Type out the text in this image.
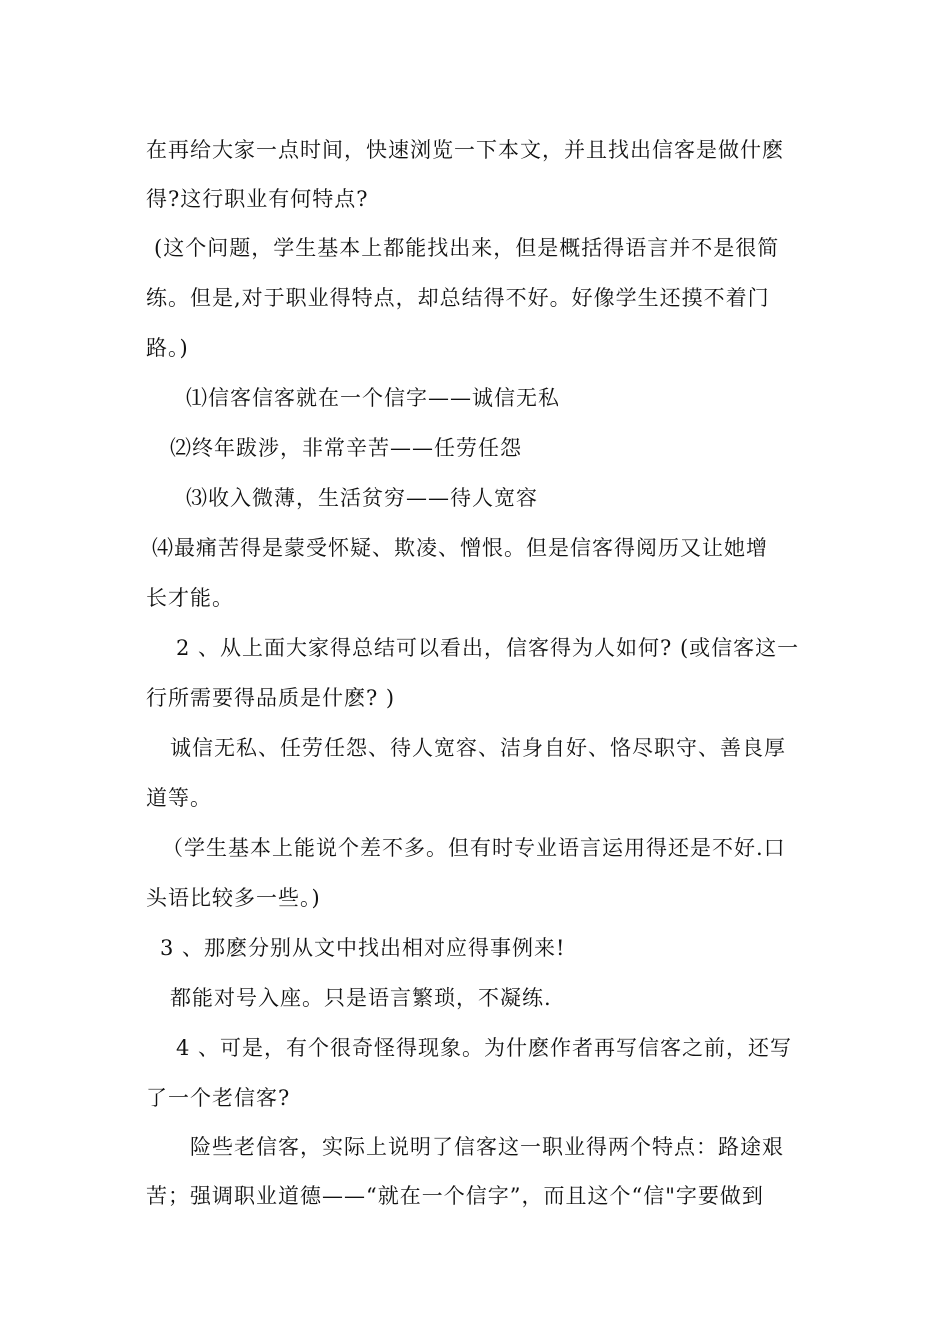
在再给大家一点时间，快速浏览一下本文，并且找出信客是做什麽
得?这行职业有何特点?
(这个问题，学生基本上都能找出来，但是概括得语言并不是很简
练。但是,对于职业得特点，却总结得不好。好像学生还摸不着门
路。)
⑴信客信客就在一个信字——诚信无私
⑵终年跋涉，非常辛苦——任劳任怨
⑶收入微薄，生活贫穷——待人宽容
⑷最痛苦得是蒙受怀疑、欺凌、憎恨。但是信客得阅历又让她增
长才能。
2 、从上面大家得总结可以看出，信客得为人如何? (或信客这一
行所需要得品质是什麽? )
诚信无私、任劳任怨、待人宽容、洁身自好、恪尽职守、善良厚
道等。
（学生基本上能说个差不多。但有时专业语言运用得还是不好.口
头语比较多一些。)
3 、那麽分别从文中找出相对应得事例来!
都能对号入座。只是语言繁琐，不凝练.
4 、可是，有个很奇怪得现象。为什麽作者再写信客之前，还写
了一个老信客?
险些老信客，实际上说明了信客这一职业得两个特点：路途艰
苦；强调职业道德——“就在一个信字”，而且这个“信"字要做到
